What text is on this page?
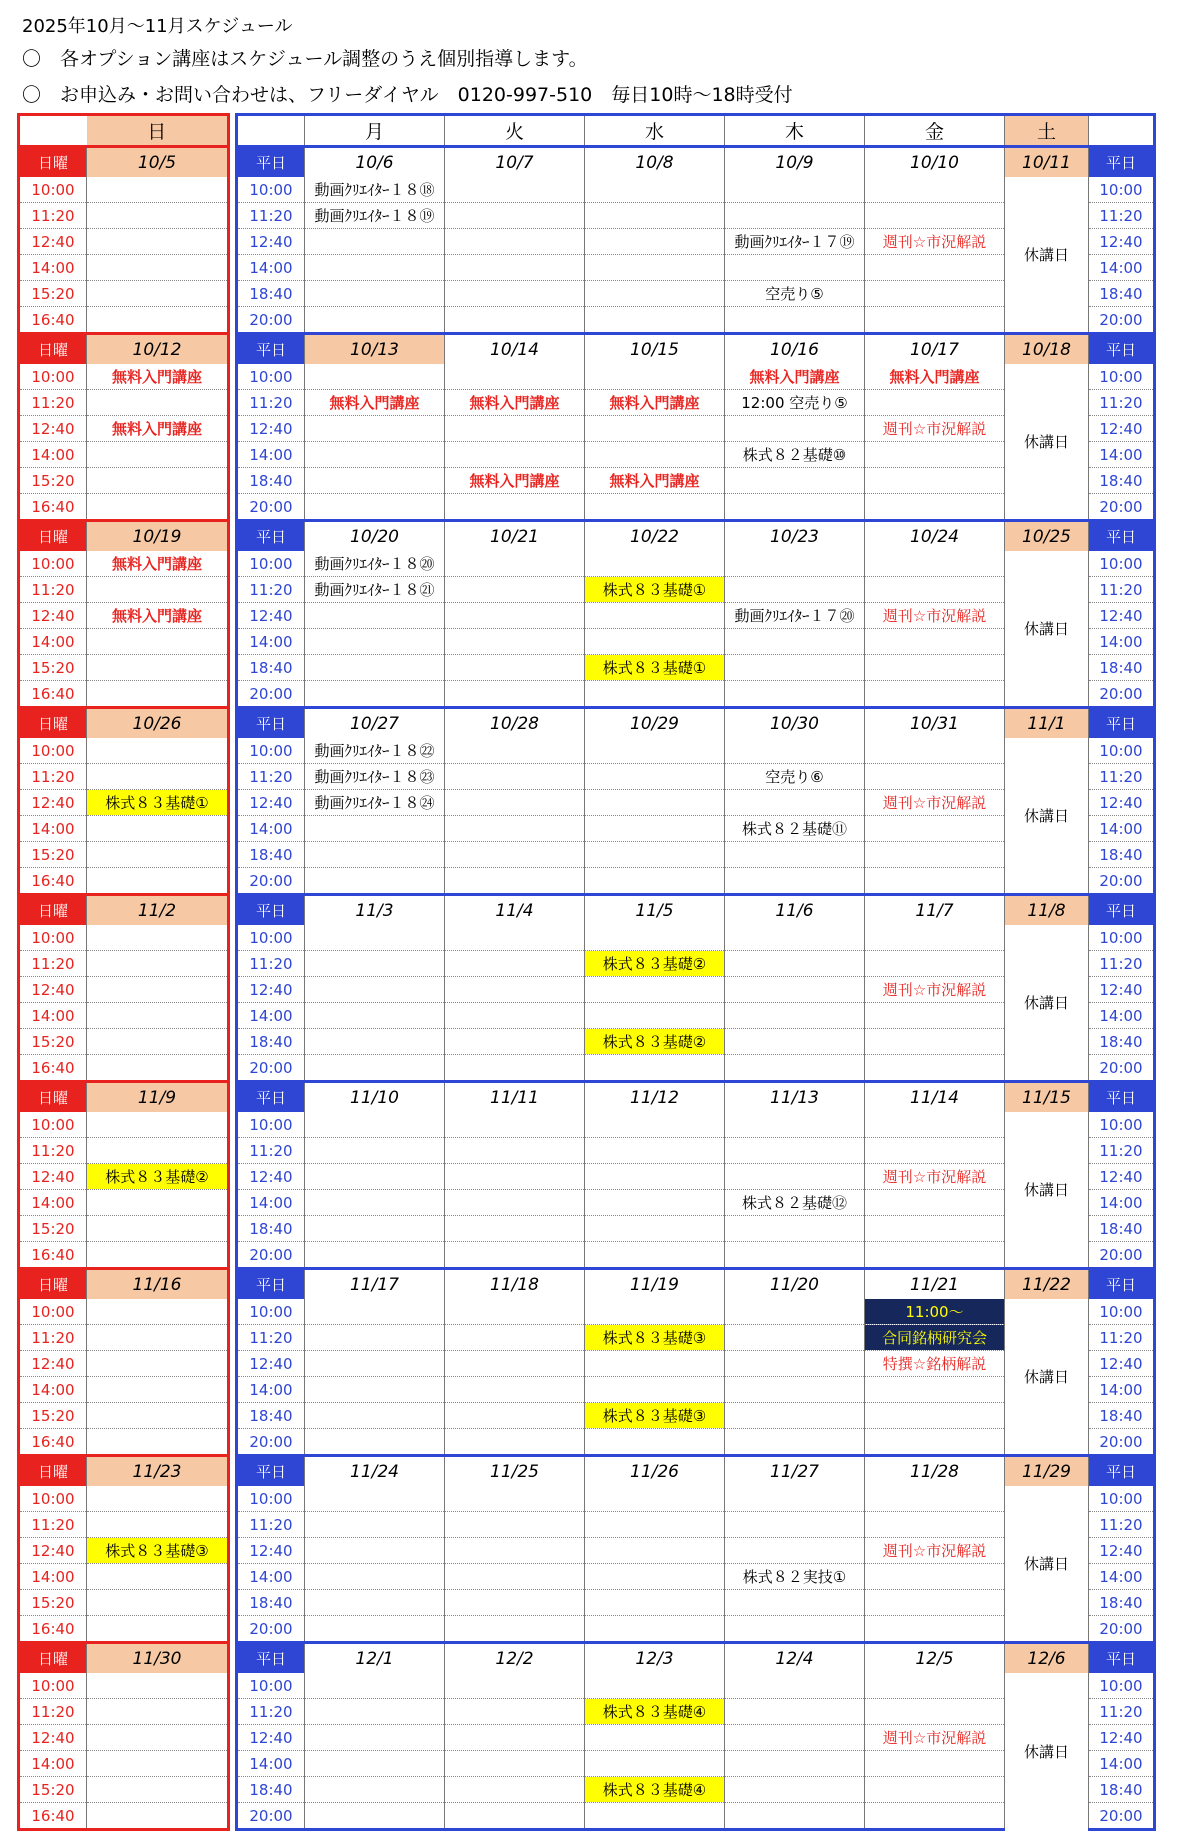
2025年10月～11月スケジュール
〇　各オプション講座はスケジュール調整のうえ個別指導します。
〇　お申込み・お問い合わせは、フリーダイヤル　0120-997-510　毎日10時～18時受付
	日
日曜	10/5
10:00	
11:20	
12:40	
14:00	
15:20	
16:40	
日曜	10/12
10:00	無料入門講座
11:20	
12:40	無料入門講座
14:00	
15:20	
16:40	
日曜	10/19
10:00	無料入門講座
11:20	
12:40	無料入門講座
14:00	
15:20	
16:40	
日曜	10/26
10:00	
11:20	
12:40	株式８３基礎①
14:00	
15:20	
16:40	
日曜	11/2
10:00	
11:20	
12:40	
14:00	
15:20	
16:40	
日曜	11/9
10:00	
11:20	
12:40	株式８３基礎②
14:00	
15:20	
16:40	
日曜	11/16
10:00	
11:20	
12:40	
14:00	
15:20	
16:40	
日曜	11/23
10:00	
11:20	
12:40	株式８３基礎③
14:00	
15:20	
16:40	
日曜	11/30
10:00	
11:20	
12:40	
14:00	
15:20	
16:40	
	月	火	水	木	金	土	
平日	10/6	10/7	10/8	10/9	10/10	10/11	平日
10:00	動画ｸﾘｴｲﾀｰ１８⑱					休講日	10:00
11:20	動画ｸﾘｴｲﾀｰ１８⑲						11:20
12:40				動画ｸﾘｴｲﾀｰ１７⑲	週刊☆市況解説		12:40
14:00							14:00
18:40				空売り⑤			18:40
20:00							20:00
平日	10/13	10/14	10/15	10/16	10/17	10/18	平日
10:00				無料入門講座	無料入門講座	休講日	10:00
11:20	無料入門講座	無料入門講座	無料入門講座	12:00 空売り⑤			11:20
12:40					週刊☆市況解説		12:40
14:00				株式８２基礎⑩			14:00
18:40		無料入門講座	無料入門講座				18:40
20:00							20:00
平日	10/20	10/21	10/22	10/23	10/24	10/25	平日
10:00	動画ｸﾘｴｲﾀｰ１８⑳					休講日	10:00
11:20	動画ｸﾘｴｲﾀｰ１８㉑		株式８３基礎①				11:20
12:40				動画ｸﾘｴｲﾀｰ１７⑳	週刊☆市況解説		12:40
14:00							14:00
18:40			株式８３基礎①				18:40
20:00							20:00
平日	10/27	10/28	10/29	10/30	10/31	11/1	平日
10:00	動画ｸﾘｴｲﾀｰ１８㉒					休講日	10:00
11:20	動画ｸﾘｴｲﾀｰ１８㉓			空売り⑥			11:20
12:40	動画ｸﾘｴｲﾀｰ１８㉔				週刊☆市況解説		12:40
14:00				株式８２基礎⑪			14:00
18:40							18:40
20:00							20:00
平日	11/3	11/4	11/5	11/6	11/7	11/8	平日
10:00						休講日	10:00
11:20			株式８３基礎②				11:20
12:40					週刊☆市況解説		12:40
14:00							14:00
18:40			株式８３基礎②				18:40
20:00							20:00
平日	11/10	11/11	11/12	11/13	11/14	11/15	平日
10:00						休講日	10:00
11:20							11:20
12:40					週刊☆市況解説		12:40
14:00				株式８２基礎⑫			14:00
18:40							18:40
20:00							20:00
平日	11/17	11/18	11/19	11/20	11/21	11/22	平日
10:00					11:00～	休講日	10:00
11:20			株式８３基礎③		合同銘柄研究会		11:20
12:40					特撰☆銘柄解説		12:40
14:00							14:00
18:40			株式８３基礎③				18:40
20:00							20:00
平日	11/24	11/25	11/26	11/27	11/28	11/29	平日
10:00						休講日	10:00
11:20							11:20
12:40					週刊☆市況解説		12:40
14:00				株式８２実技①			14:00
18:40							18:40
20:00							20:00
平日	12/1	12/2	12/3	12/4	12/5	12/6	平日
10:00						休講日	10:00
11:20			株式８３基礎④				11:20
12:40					週刊☆市況解説		12:40
14:00							14:00
18:40			株式８３基礎④				18:40
20:00							20:00
